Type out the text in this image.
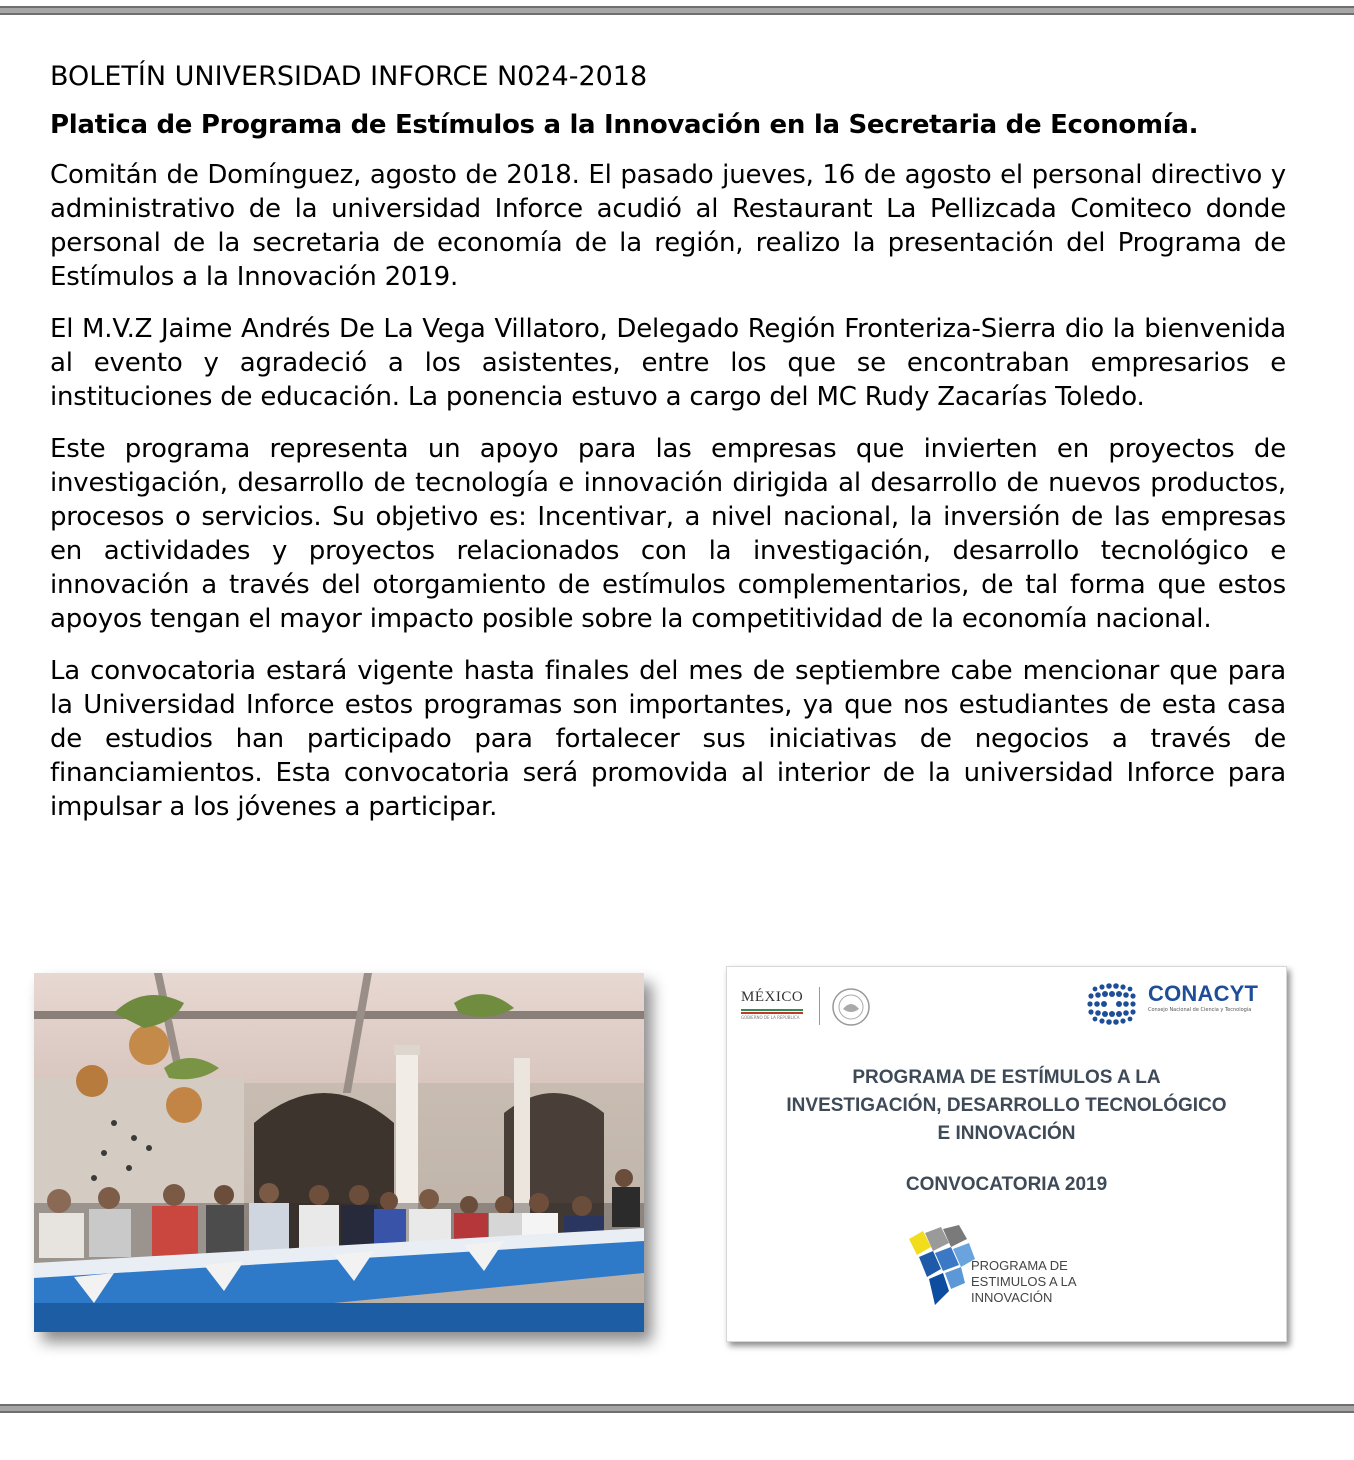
BOLETÍN UNIVERSIDAD INFORCE N024-2018

Platica de Programa de Estímulos a la Innovación en la Secretaria de Economía.

Comitán de Domínguez, agosto de 2018. El pasado jueves, 16 de agosto el personal directivo y administrativo de la universidad Inforce acudió al Restaurant La Pellizcada Comiteco donde personal de la secretaria de economía de la región, realizo la presentación del Programa de Estímulos a la Innovación 2019.

El M.V.Z Jaime Andrés De La Vega Villatoro, Delegado Región Fronteriza-Sierra dio la bienvenida al evento y agradeció a los asistentes, entre los que se encontraban empresarios e instituciones de educación. La ponencia estuvo a cargo del MC Rudy Zacarías Toledo.

Este programa representa un apoyo para las empresas que invierten en proyectos de investigación, desarrollo de tecnología e innovación dirigida al desarrollo de nuevos productos, procesos o servicios. Su objetivo es: Incentivar, a nivel nacional, la inversión de las empresas en actividades y proyectos relacionados con la investigación, desarrollo tecnológico e innovación a través del otorgamiento de estímulos complementarios, de tal forma que estos apoyos tengan el mayor impacto posible sobre la competitividad de la economía nacional.

La convocatoria estará vigente hasta finales del mes de septiembre cabe mencionar que para la Universidad Inforce estos programas son importantes, ya que nos estudiantes de esta casa de estudios han participado para fortalecer sus iniciativas de negocios a través de financiamientos. Esta convocatoria será promovida al interior de la universidad Inforce para impulsar a los jóvenes a participar.

MÉXICO
GOBIERNO DE LA REPÚBLICA
CONACYT
Consejo Nacional de Ciencia y Tecnología
PROGRAMA DE ESTÍMULOS A LA
INVESTIGACIÓN, DESARROLLO TECNOLÓGICO
E INNOVACIÓN
CONVOCATORIA 2019
PROGRAMA DE
ESTIMULOS A LA
INNOVACIÓN
